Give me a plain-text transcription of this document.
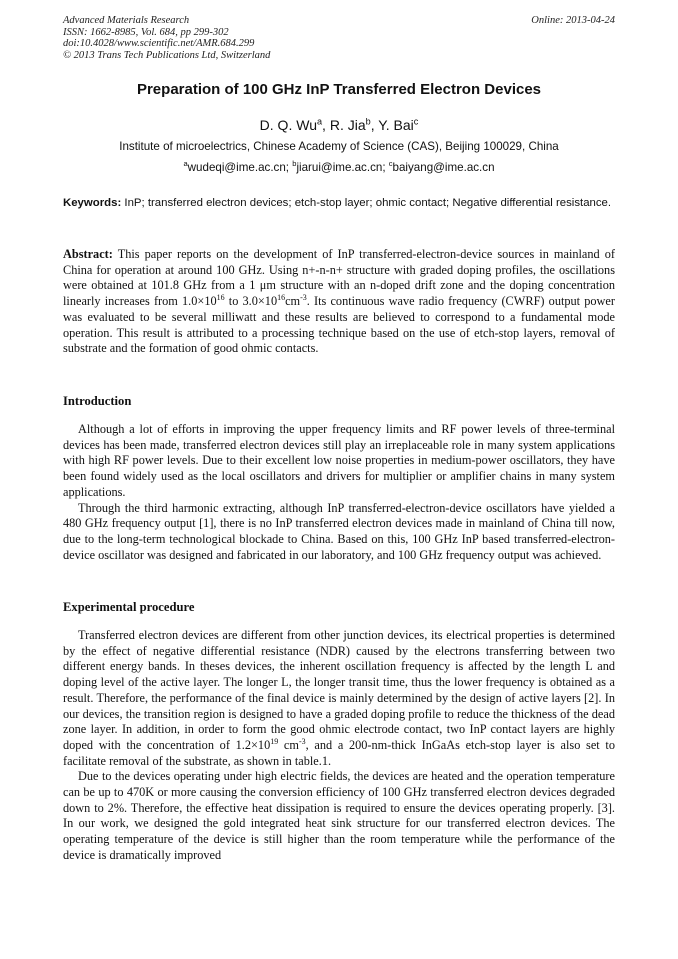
Advanced Materials Research
ISSN: 1662-8985, Vol. 684, pp 299-302
doi:10.4028/www.scientific.net/AMR.684.299
© 2013 Trans Tech Publications Ltd, Switzerland
Online: 2013-04-24
Preparation of 100 GHz InP Transferred Electron Devices
D. Q. Wu$^a$, R. Jia$^b$, Y. Bai$^c$
Institute of microelectrics, Chinese Academy of Science (CAS), Beijing 100029, China
$^a$wudeqi@ime.ac.cn; $^b$jiarui@ime.ac.cn; $^c$baiyang@ime.ac.cn
Keywords: InP; transferred electron devices; etch-stop layer; ohmic contact; Negative differential resistance.
Abstract: This paper reports on the development of InP transferred-electron-device sources in mainland of China for operation at around 100 GHz. Using n+-n-n+ structure with graded doping profiles, the oscillations were obtained at 101.8 GHz from a 1 μm structure with an n-doped drift zone and the doping concentration linearly increases from $1.0\times 10^{16}$ to $3.0\times 10^{16}cm^{-3}$. Its continuous wave radio frequency (CWRF) output power was evaluated to be several milliwatt and these results are believed to correspond to a fundamental mode operation. This result is attributed to a processing technique based on the use of etch-stop layers, removal of substrate and the formation of good ohmic contacts.
Introduction

Although a lot of efforts in improving the upper frequency limits and RF power levels of three-terminal devices has been made, transferred electron devices still play an irreplaceable role in many system applications with high RF power levels. Due to their excellent low noise properties in medium-power oscillators, they have been found widely used as the local oscillators and drivers for multiplier or amplifier chains in many system applications.

Through the third harmonic extracting, although InP transferred-electron-device oscillators have yielded a 480 GHz frequency output [1], there is no InP transferred electron devices made in mainland of China till now, due to the long-term technological blockade to China. Based on this, 100 GHz InP based transferred-electron-device oscillator was designed and fabricated in our laboratory, and 100 GHz frequency output was achieved.

Experimental procedure

Transferred electron devices are different from other junction devices, its electrical properties is determined by the effect of negative differential resistance (NDR) caused by the electrons transferring between two different energy bands. In theses devices, the inherent oscillation frequency is affected by the length L and doping level of the active layer. The longer L, the longer transit time, thus the lower frequency is obtained as a result. Therefore, the performance of the final device is mainly determined by the design of active layers [2]. In our devices, the transition region is designed to have a graded doping profile to reduce the thickness of the dead zone layer. In addition, in order to form the good ohmic electrode contact, two InP contact layers are highly doped with the concentration of $1.2\times 10^{19}$ $cm^{-3}$, and a 200-nm-thick InGaAs etch-stop layer is also set to facilitate removal of the substrate, as shown in table.1.

Due to the devices operating under high electric fields, the devices are heated and the operation temperature can be up to 470K or more causing the conversion efficiency of 100 GHz transferred electron devices degraded down to 2%. Therefore, the effective heat dissipation is required to ensure the devices operating properly. [3]. In our work, we designed the gold integrated heat sink structure for our transferred electron devices. The operating temperature of the device is still higher than the room temperature while the performance of the device is dramatically improved
